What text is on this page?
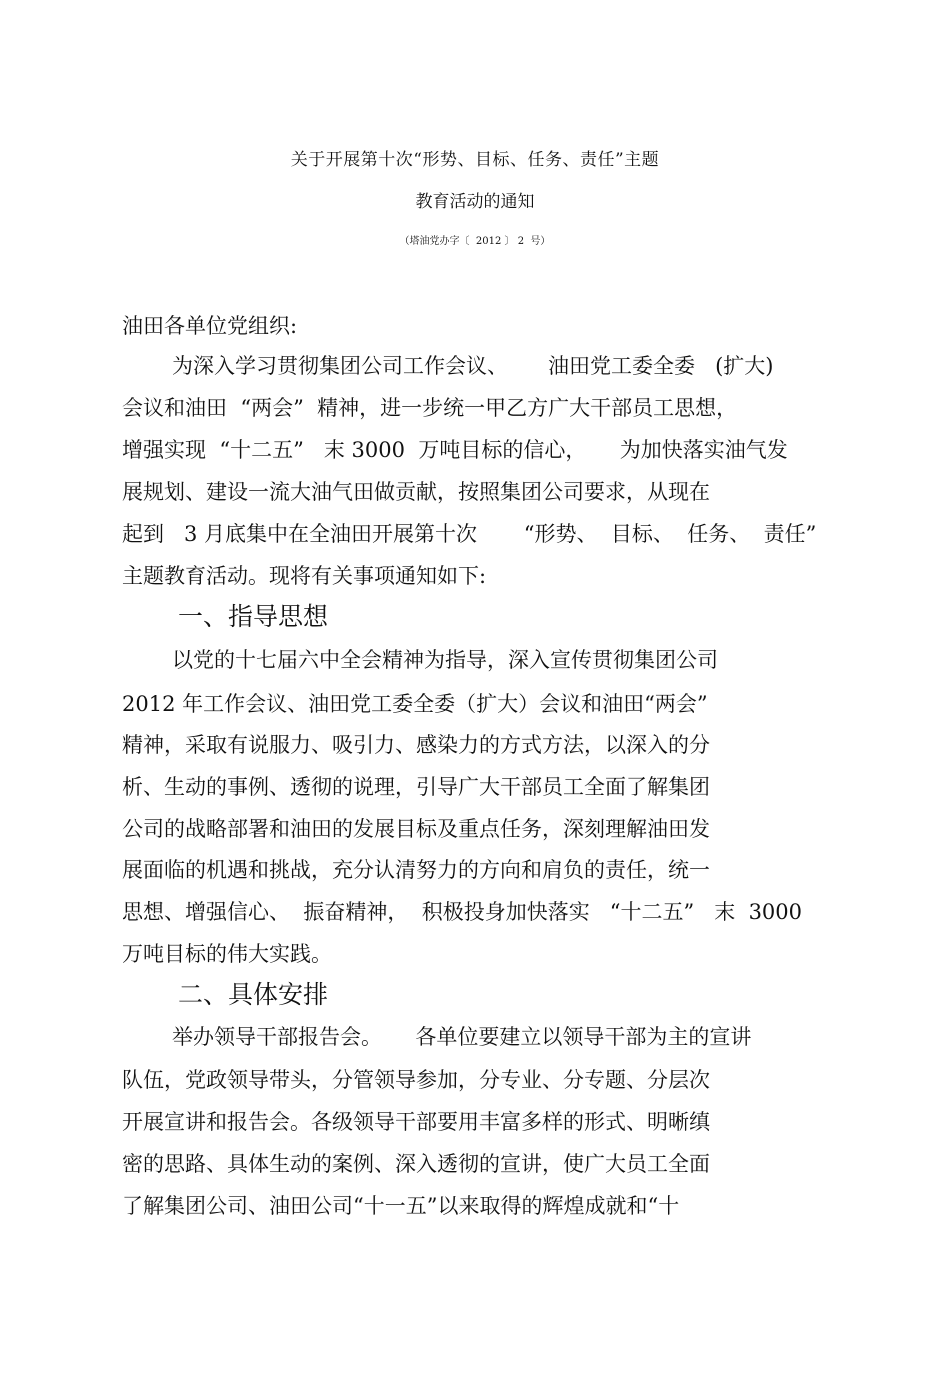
关于开展第十次“形势、目标、任务、责任”主题
教育活动的通知
（塔油党办字〔  2012 〕 2  号）
油田各单位党组织:
为深入学习贯彻集团公司工作会议、      油田党工委全委   (扩大)
会议和油田  “两会”  精神，进一步统一甲乙方广大干部员工思想，
增强实现  “十二五”   末 3000  万吨目标的信心，     为加快落实油气发
展规划、建设一流大油气田做贡献，按照集团公司要求，从现在
起到   3 月底集中在全油田开展第十次       “形势、  目标、  任务、  责任”
主题教育活动。现将有关事项通知如下:
一、指导思想
以党的十七届六中全会精神为指导，深入宣传贯彻集团公司
2012 年工作会议、油田党工委全委（扩大）会议和油田“两会”
精神，采取有说服力、吸引力、感染力的方式方法，以深入的分
析、生动的事例、透彻的说理，引导广大干部员工全面了解集团
公司的战略部署和油田的发展目标及重点任务，深刻理解油田发
展面临的机遇和挑战，充分认清努力的方向和肩负的责任，统一
思想、增强信心、  振奋精神，  积极投身加快落实   “十二五”   末  3000
万吨目标的伟大实践。
二、具体安排
举办领导干部报告会。     各单位要建立以领导干部为主的宣讲
队伍，党政领导带头，分管领导参加，分专业、分专题、分层次
开展宣讲和报告会。各级领导干部要用丰富多样的形式、明晰缜
密的思路、具体生动的案例、深入透彻的宣讲，使广大员工全面
了解集团公司、油田公司“十一五”以来取得的辉煌成就和“十
